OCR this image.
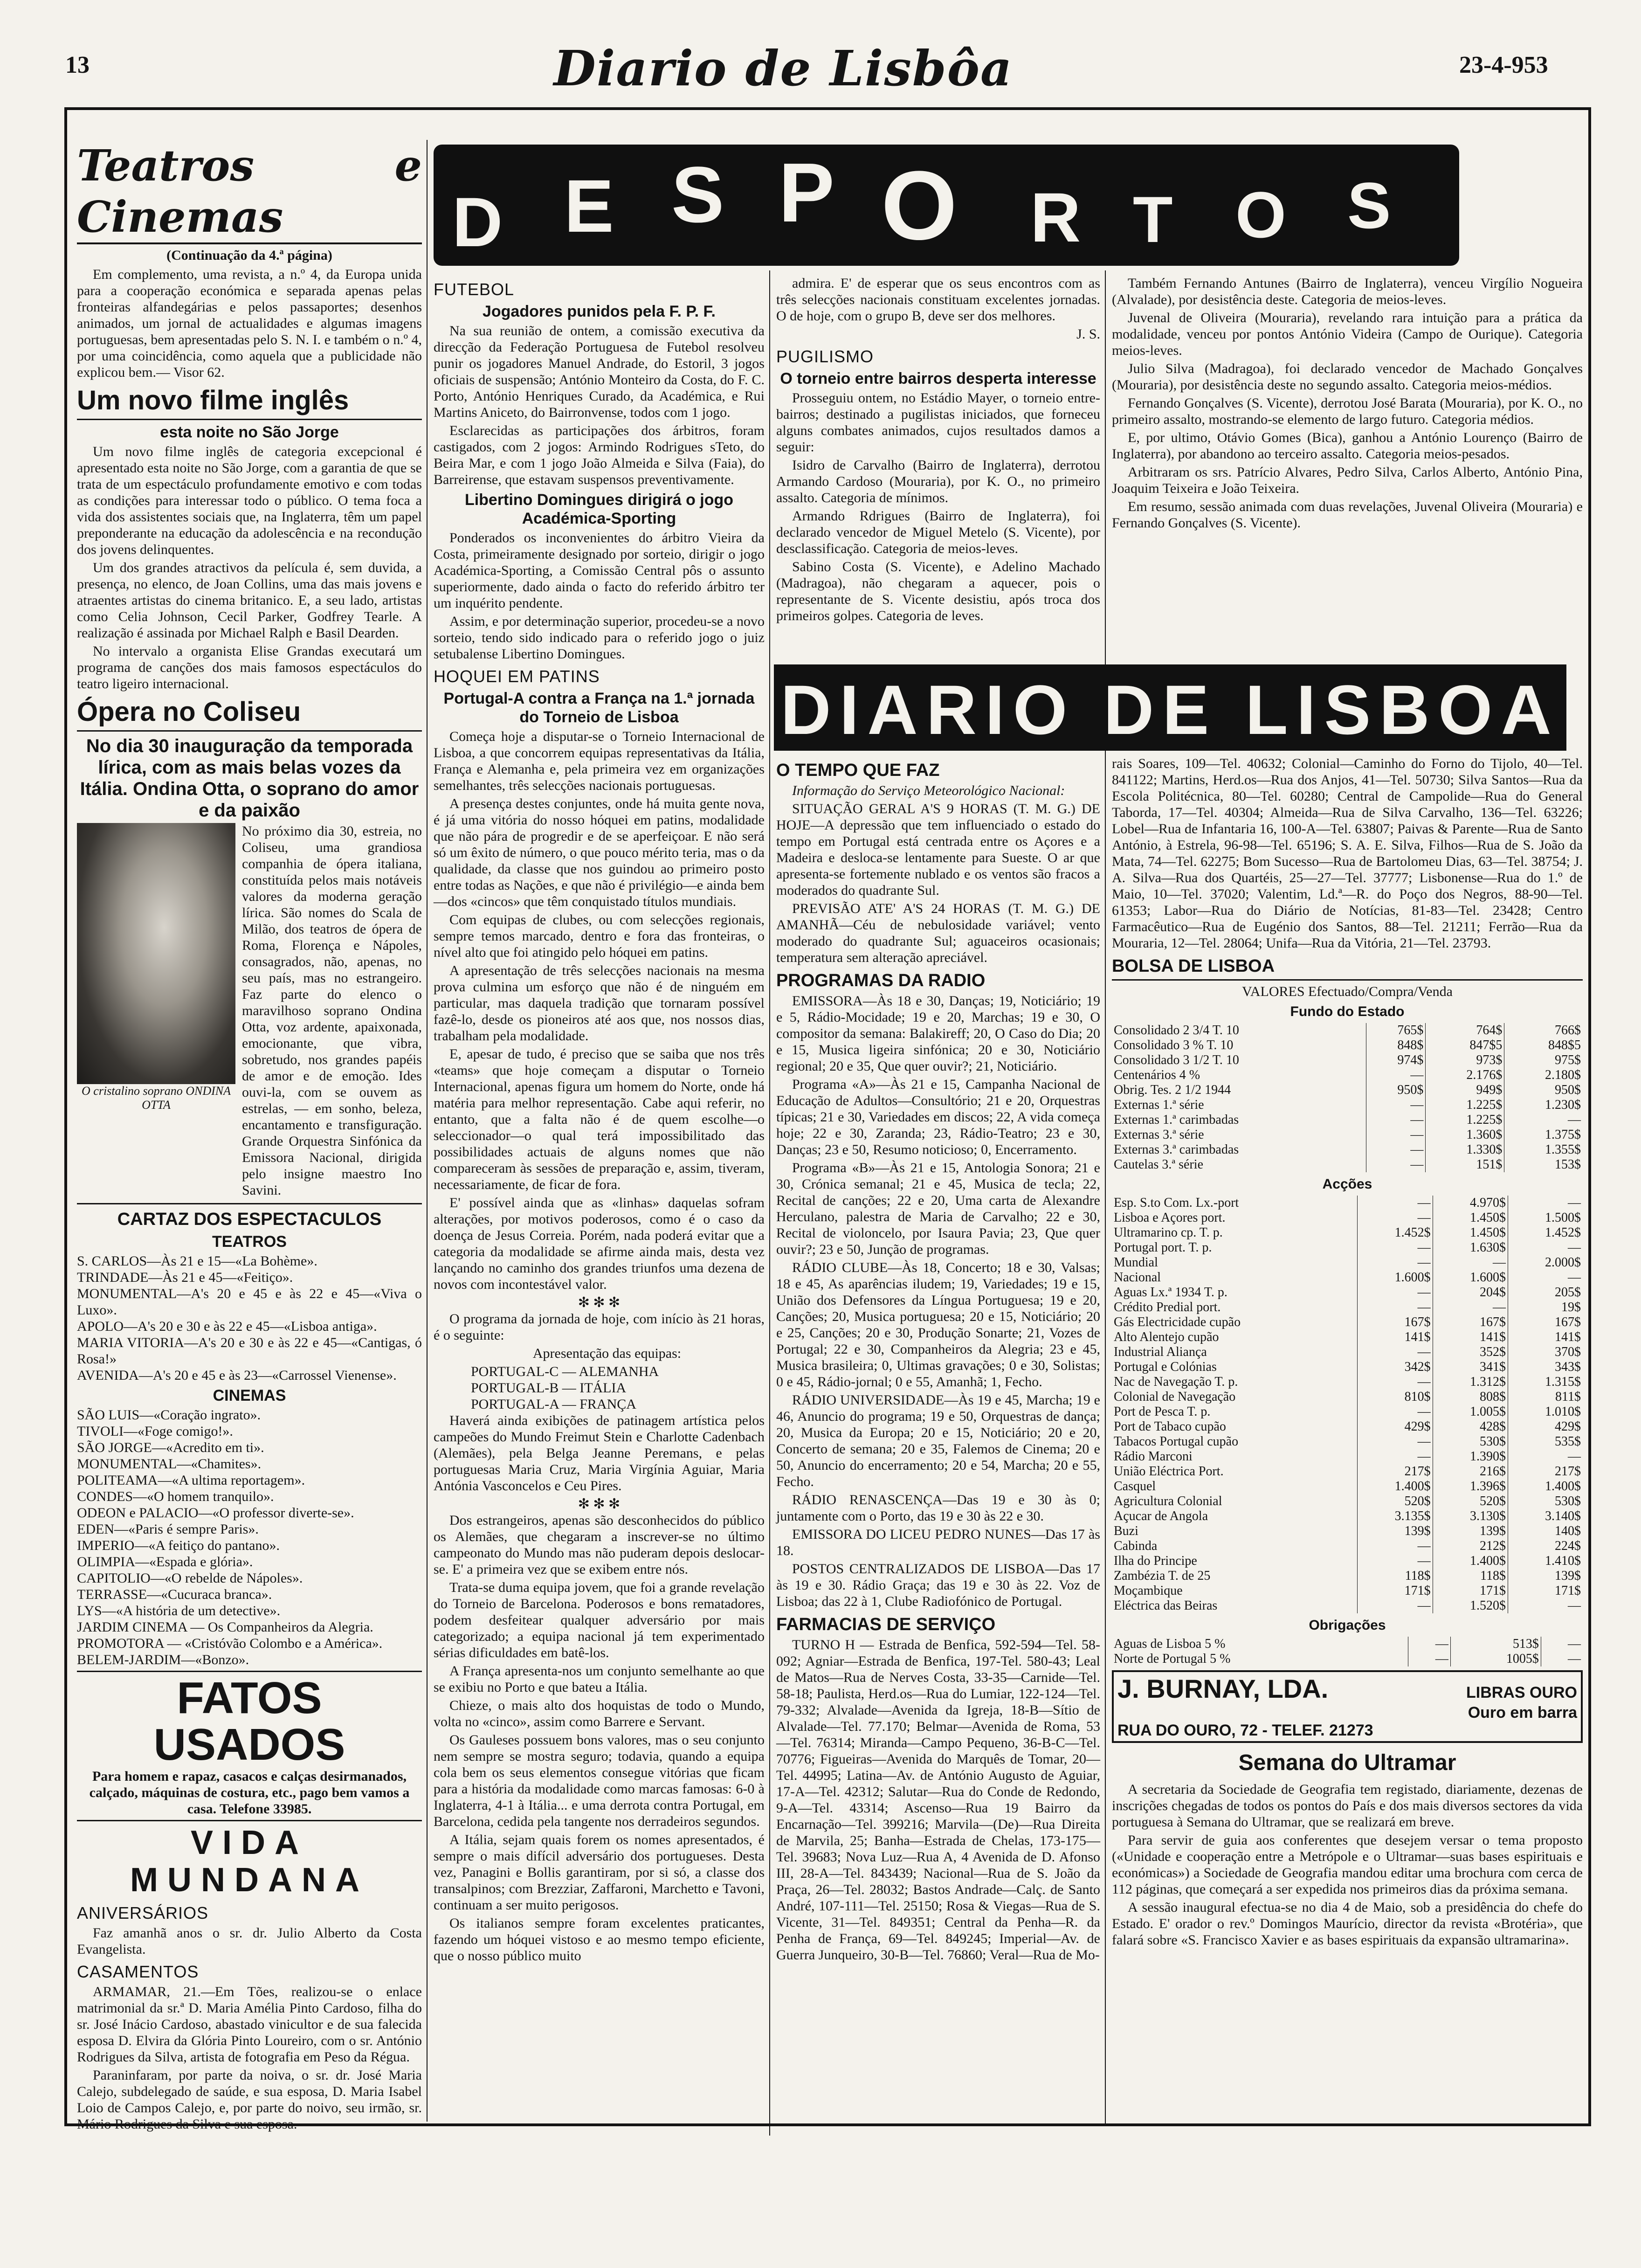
13	Diario de Lisbôa	23-4-953
Teatros e Cinemas
(Continuação da 4.ª página)

Em complemento, uma revista, a n.º 4, da Europa unida para a cooperação económica e separada apenas pelas fronteiras alfandegárias e pelos passaportes; desenhos animados, um jornal de actualidades e algumas imagens portuguesas, bem apresentadas pelo S. N. I. e também o n.º 4, por uma coincidência, como aquela que a publicidade não explicou bem.— Visor 62.

Um novo filme inglês
esta noite no São Jorge

Um novo filme inglês de categoria excepcional é apresentado esta noite no São Jorge, com a garantia de que se trata de um espectáculo profundamente emotivo e com todas as condições para interessar todo o público. O tema foca a vida dos assistentes sociais que, na Inglaterra, têm um papel preponderante na educação da adolescência e na recondução dos jovens delinquentes.

Um dos grandes atractivos da película é, sem duvida, a presença, no elenco, de Joan Collins, uma das mais jovens e atraentes artistas do cinema britanico. E, a seu lado, artistas como Celia Johnson, Cecil Parker, Godfrey Tearle. A realização é assinada por Michael Ralph e Basil Dearden.

No intervalo a organista Elise Grandas executará um programa de canções dos mais famosos espectáculos do teatro ligeiro internacional.

Ópera no Coliseu
No dia 30 inauguração da temporada lírica, com as mais belas vozes da Itália. Ondina Otta, o soprano do amor e da paixão
O cristalino soprano ONDINA OTTA

No próximo dia 30, estreia, no Coliseu, uma grandiosa companhia de ópera italiana, constituída pelos mais notáveis valores da moderna geração lírica. São nomes do Scala de Milão, dos teatros de ópera de Roma, Florença e Nápoles, consagrados, não, apenas, no seu país, mas no estrangeiro. Faz parte do elenco o maravilhoso soprano Ondina Otta, voz ardente, apaixonada, emocionante, que vibra, sobretudo, nos grandes papéis de amor e de emoção. Ides ouvi-la, com se ouvem as estrelas, — em sonho, beleza, encantamento e transfiguração. Grande Orquestra Sinfónica da Emissora Nacional, dirigida pelo insigne maestro Ino Savini.

CARTAZ DOS ESPECTACULOS
TEATROS

S. CARLOS—Às 21 e 15—«La Bohème».

TRINDADE—Às 21 e 45—«Feitiço».

MONUMENTAL—A's 20 e 45 e às 22 e 45—«Viva o Luxo».

APOLO—A's 20 e 30 e às 22 e 45—«Lisboa antiga».

MARIA VITORIA—A's 20 e 30 e às 22 e 45—«Cantigas, ó Rosa!»

AVENIDA—A's 20 e 45 e às 23—«Carrossel Vienense».

CINEMAS

SÃO LUIS—«Coração ingrato».

TIVOLI—«Foge comigo!».

SÃO JORGE—«Acredito em ti».

MONUMENTAL—«Chamites».

POLITEAMA—«A ultima reportagem».

CONDES—«O homem tranquilo».

ODEON e PALACIO—«O professor diverte-se».

EDEN—«Paris é sempre Paris».

IMPERIO—«A feitiço do pantano».

OLIMPIA—«Espada e glória».

CAPITOLIO—«O rebelde de Nápoles».

TERRASSE—«Cucuraca branca».

LYS—«A história de um detective».

JARDIM CINEMA — Os Companheiros da Alegria.

PROMOTORA — «Cristóvão Colombo e a América».

BELEM-JARDIM—«Bonzo».

FATOS USADOS
Para homem e rapaz, casacos e calças desirmanados, calçado, máquinas de costura, etc., pago bem vamos a casa. Telefone 33985.
VIDA MUNDANA
ANIVERSÁRIOS

Faz amanhã anos o sr. dr. Julio Alberto da Costa Evangelista.

CASAMENTOS

ARMAMAR, 21.—Em Tões, realizou-se o enlace matrimonial da sr.ª D. Maria Amélia Pinto Cardoso, filha do sr. José Inácio Cardoso, abastado vinicultor e de sua falecida esposa D. Elvira da Glória Pinto Loureiro, com o sr. António Rodrigues da Silva, artista de fotografia em Peso da Régua.

Paraninfaram, por parte da noiva, o sr. dr. José Maria Calejo, subdelegado de saúde, e sua esposa, D. Maria Isabel Loio de Campos Calejo, e, por parte do noivo, seu irmão, sr. Mário Rodrigues da Silva e sua esposa.

D E S P O R T O S
FUTEBOL
Jogadores punidos pela F. P. F.

Na sua reunião de ontem, a comissão executiva da direcção da Federação Portuguesa de Futebol resolveu punir os jogadores Manuel Andrade, do Estoril, 3 jogos oficiais de suspensão; António Monteiro da Costa, do F. C. Porto, António Henriques Curado, da Académica, e Rui Martins Aniceto, do Bairronvense, todos com 1 jogo.

Esclarecidas as participações dos árbitros, foram castigados, com 2 jogos: Armindo Rodrigues sTeto, do Beira Mar, e com 1 jogo João Almeida e Silva (Faia), do Barreirense, que estavam suspensos preventivamente.

Libertino Domingues dirigirá o jogo Académica-Sporting

Ponderados os inconvenientes do árbitro Vieira da Costa, primeiramente designado por sorteio, dirigir o jogo Académica-Sporting, a Comissão Central pôs o assunto superiormente, dado ainda o facto do referido árbitro ter um inquérito pendente.

Assim, e por determinação superior, procedeu-se a novo sorteio, tendo sido indicado para o referido jogo o juiz setubalense Libertino Domingues.

HOQUEI EM PATINS
Portugal-A contra a França na 1.ª jornada do Torneio de Lisboa

Começa hoje a disputar-se o Torneio Internacional de Lisboa, a que concorrem equipas representativas da Itália, França e Alemanha e, pela primeira vez em organizações semelhantes, três selecções nacionais portuguesas.

A presença destes conjuntes, onde há muita gente nova, é já uma vitória do nosso hóquei em patins, modalidade que não pára de progredir e de se aperfeiçoar. E não será só um êxito de número, o que pouco mérito teria, mas o da qualidade, da classe que nos guindou ao primeiro posto entre todas as Nações, e que não é privilégio—e ainda bem—dos «cincos» que têm conquistado títulos mundiais.

Com equipas de clubes, ou com selecções regionais, sempre temos marcado, dentro e fora das fronteiras, o nível alto que foi atingido pelo hóquei em patins.

A apresentação de três selecções nacionais na mesma prova culmina um esforço que não é de ninguém em particular, mas daquela tradição que tornaram possível fazê-lo, desde os pioneiros até aos que, nos nossos dias, trabalham pela modalidade.

E, apesar de tudo, é preciso que se saiba que nos três «teams» que hoje começam a disputar o Torneio Internacional, apenas figura um homem do Norte, onde há matéria para melhor representação. Cabe aqui referir, no entanto, que a falta não é de quem escolhe—o seleccionador—o qual terá impossibilitado das possibilidades actuais de alguns nomes que não compareceram às sessões de preparação e, assim, tiveram, necessariamente, de ficar de fora.

E' possível ainda que as «linhas» daquelas sofram alterações, por motivos poderosos, como é o caso da doença de Jesus Correia. Porém, nada poderá evitar que a categoria da modalidade se afirme ainda mais, desta vez lançando no caminho dos grandes triunfos uma dezena de novos com incontestável valor.

✻ ✻ ✻

O programa da jornada de hoje, com início às 21 horas, é o seguinte:

Apresentação das equipas:

PORTUGAL-C — ALEMANHA

PORTUGAL-B — ITÁLIA

PORTUGAL-A — FRANÇA

Haverá ainda exibições de patinagem artística pelos campeões do Mundo Freimut Stein e Charlotte Cadenbach (Alemães), pela Belga Jeanne Peremans, e pelas portuguesas Maria Cruz, Maria Virgínia Aguiar, Maria Antónia Vasconcelos e Ceu Pires.

✻ ✻ ✻

Dos estrangeiros, apenas são desconhecidos do público os Alemães, que chegaram a inscrever-se no último campeonato do Mundo mas não puderam depois deslocar-se. E' a primeira vez que se exibem entre nós.

Trata-se duma equipa jovem, que foi a grande revelação do Torneio de Barcelona. Poderosos e bons rematadores, podem desfeitear qualquer adversário por mais categorizado; a equipa nacional já tem experimentado sérias dificuldades em batê-los.

A França apresenta-nos um conjunto semelhante ao que se exibiu no Porto e que bateu a Itália.

Chieze, o mais alto dos hoquistas de todo o Mundo, volta no «cinco», assim como Barrere e Servant.

Os Gauleses possuem bons valores, mas o seu conjunto nem sempre se mostra seguro; todavia, quando a equipa cola bem os seus elementos consegue vitórias que ficam para a história da modalidade como marcas famosas: 6-0 à Inglaterra, 4-1 à Itália... e uma derrota contra Portugal, em Barcelona, cedida pela tangente nos derradeiros segundos.

A Itália, sejam quais forem os nomes apresentados, é sempre o mais difícil adversário dos portugueses. Desta vez, Panagini e Bollis garantiram, por si só, a classe dos transalpinos; com Brezziar, Zaffaroni, Marchetto e Tavoni, continuam a ser muito perigosos.

Os italianos sempre foram excelentes praticantes, fazendo um hóquei vistoso e ao mesmo tempo eficiente, que o nosso público muito

admira. E' de esperar que os seus encontros com as três selecções nacionais constituam excelentes jornadas. O de hoje, com o grupo B, deve ser dos melhores.

J. S.
PUGILISMO
O torneio entre bairros desperta interesse

Prosseguiu ontem, no Estádio Mayer, o torneio entre-bairros; destinado a pugilistas iniciados, que forneceu alguns combates animados, cujos resultados damos a seguir:

Isidro de Carvalho (Bairro de Inglaterra), derrotou Armando Cardoso (Mouraria), por K. O., no primeiro assalto. Categoria de mínimos.

Armando Rdrigues (Bairro de Inglaterra), foi declarado vencedor de Miguel Metelo (S. Vicente), por desclassificação. Categoria de meios-leves.

Sabino Costa (S. Vicente), e Adelino Machado (Madragoa), não chegaram a aquecer, pois o representante de S. Vicente desistiu, após troca dos primeiros golpes. Categoria de leves.

Também Fernando Antunes (Bairro de Inglaterra), venceu Virgílio Nogueira (Alvalade), por desistência deste. Categoria de meios-leves.

Juvenal de Oliveira (Mouraria), revelando rara intuição para a prática da modalidade, venceu por pontos António Videira (Campo de Ourique). Categoria meios-leves.

Julio Silva (Madragoa), foi declarado vencedor de Machado Gonçalves (Mouraria), por desistência deste no segundo assalto. Categoria meios-médios.

Fernando Gonçalves (S. Vicente), derrotou José Barata (Mouraria), por K. O., no primeiro assalto, mostrando-se elemento de largo futuro. Categoria médios.

E, por ultimo, Otávio Gomes (Bica), ganhou a António Lourenço (Bairro de Inglaterra), por abandono ao terceiro assalto. Categoria meios-pesados.

Arbitraram os srs. Patrício Alvares, Pedro Silva, Carlos Alberto, António Pina, Joaquim Teixeira e João Teixeira.

Em resumo, sessão animada com duas revelações, Juvenal Oliveira (Mouraria) e Fernando Gonçalves (S. Vicente).

DIARIO DE LISBOA
O TEMPO QUE FAZ

Informação do Serviço Meteorológico Nacional:

SITUAÇÃO GERAL A'S 9 HORAS (T. M. G.) DE HOJE—A depressão que tem influenciado o estado do tempo em Portugal está centrada entre os Açores e a Madeira e desloca-se lentamente para Sueste. O ar que apresenta-se fortemente nublado e os ventos são fracos a moderados do quadrante Sul.

PREVISÃO ATE' A'S 24 HORAS (T. M. G.) DE AMANHÃ—Céu de nebulosidade variável; vento moderado do quadrante Sul; aguaceiros ocasionais; temperatura sem alteração apreciável.

PROGRAMAS DA RADIO

EMISSORA—Às 18 e 30, Danças; 19, Noticiário; 19 e 5, Rádio-Mocidade; 19 e 20, Marchas; 19 e 30, O compositor da semana: Balakireff; 20, O Caso do Dia; 20 e 15, Musica ligeira sinfónica; 20 e 30, Noticiário regional; 20 e 35, Que quer ouvir?; 21, Noticiário.

Programa «A»—Às 21 e 15, Campanha Nacional de Educação de Adultos—Consultório; 21 e 20, Orquestras típicas; 21 e 30, Variedades em discos; 22, A vida começa hoje; 22 e 30, Zaranda; 23, Rádio-Teatro; 23 e 30, Danças; 23 e 50, Resumo noticioso; 0, Encerramento.

Programa «B»—Às 21 e 15, Antologia Sonora; 21 e 30, Crónica semanal; 21 e 45, Musica de tecla; 22, Recital de canções; 22 e 20, Uma carta de Alexandre Herculano, palestra de Maria de Carvalho; 22 e 30, Recital de violoncelo, por Isaura Pavia; 23, Que quer ouvir?; 23 e 50, Junção de programas.

RÁDIO CLUBE—Às 18, Concerto; 18 e 30, Valsas; 18 e 45, As aparências iludem; 19, Variedades; 19 e 15, União dos Defensores da Língua Portuguesa; 19 e 20, Canções; 20, Musica portuguesa; 20 e 15, Noticiário; 20 e 25, Canções; 20 e 30, Produção Sonarte; 21, Vozes de Portugal; 22 e 30, Companheiros da Alegria; 23 e 45, Musica brasileira; 0, Ultimas gravações; 0 e 30, Solistas; 0 e 45, Rádio-jornal; 0 e 55, Amanhã; 1, Fecho.

RÁDIO UNIVERSIDADE—Às 19 e 45, Marcha; 19 e 46, Anuncio do programa; 19 e 50, Orquestras de dança; 20, Musica da Europa; 20 e 15, Noticiário; 20 e 20, Concerto de semana; 20 e 35, Falemos de Cinema; 20 e 50, Anuncio do encerramento; 20 e 54, Marcha; 20 e 55, Fecho.

RÁDIO RENASCENÇA—Das 19 e 30 às 0; juntamente com o Porto, das 19 e 30 às 22 e 30.

EMISSORA DO LICEU PEDRO NUNES—Das 17 às 18.

POSTOS CENTRALIZADOS DE LISBOA—Das 17 às 19 e 30. Rádio Graça; das 19 e 30 às 22. Voz de Lisboa; das 22 à 1, Clube Radiofónico de Portugal.

FARMACIAS DE SERVIÇO

TURNO H — Estrada de Benfica, 592-594—Tel. 58-092; Agniar—Estrada de Benfica, 197-Tel. 580-43; Leal de Matos—Rua de Nerves Costa, 33-35—Carnide—Tel. 58-18; Paulista, Herd.os—Rua do Lumiar, 122-124—Tel. 79-332; Alvalade—Avenida da Igreja, 18-B—Sítio de Alvalade—Tel. 77.170; Belmar—Avenida de Roma, 53—Tel. 76314; Miranda—Campo Pequeno, 36-B-C—Tel. 70776; Figueiras—Avenida do Marquês de Tomar, 20—Tel. 44995; Latina—Av. de António Augusto de Aguiar, 17-A—Tel. 42312; Salutar—Rua do Conde de Redondo, 9-A—Tel. 43314; Ascenso—Rua 19 Bairro da Encarnação—Tel. 399216; Marvila—(De)—Rua Direita de Marvila, 25; Banha—Estrada de Chelas, 173-175—Tel. 39683; Nova Luz—Rua A, 4 Avenida de D. Afonso III, 28-A—Tel. 843439; Nacional—Rua de S. João da Praça, 26—Tel. 28032; Bastos Andrade—Calç. de Santo André, 107-111—Tel. 25150; Rosa & Viegas—Rua de S. Vicente, 31—Tel. 849351; Central da Penha—R. da Penha de França, 69—Tel. 849245; Imperial—Av. de Guerra Junqueiro, 30-B—Tel. 76860; Veral—Rua de Mo-

rais Soares, 109—Tel. 40632; Colonial—Caminho do Forno do Tijolo, 40—Tel. 841122; Martins, Herd.os—Rua dos Anjos, 41—Tel. 50730; Silva Santos—Rua da Escola Politécnica, 80—Tel. 60280; Central de Campolide—Rua do General Taborda, 17—Tel. 40304; Almeida—Rua de Silva Carvalho, 136—Tel. 63226; Lobel—Rua de Infantaria 16, 100-A—Tel. 63807; Paivas & Parente—Rua de Santo António, à Estrela, 96-98—Tel. 65196; S. A. E. Silva, Filhos—Rua de S. João da Mata, 74—Tel. 62275; Bom Sucesso—Rua de Bartolomeu Dias, 63—Tel. 38754; J. A. Silva—Rua dos Quartéis, 25—27—Tel. 37777; Lisbonense—Rua do 1.º de Maio, 10—Tel. 37020; Valentim, Ld.ª—R. do Poço dos Negros, 88-90—Tel. 61353; Labor—Rua do Diário de Notícias, 81-83—Tel. 23428; Centro Farmacêutico—Rua de Eugénio dos Santos, 88—Tel. 21211; Ferrão—Rua da Mouraria, 12—Tel. 28064; Unifa—Rua da Vitória, 21—Tel. 23793.

BOLSA DE LISBOA
VALORES Efectuado/Compra/Venda
Fundo do Estado
Consolidado 2 3/4 T. 10	765$	764$	766$
Consolidado 3 % T. 10	848$	847$5	848$5
Consolidado 3 1/2 T. 10	974$	973$	975$
Centenários 4 %	—	2.176$	2.180$
Obrig. Tes. 2 1/2 1944	950$	949$	950$
Externas 1.ª série	—	1.225$	1.230$
Externas 1.ª carimbadas	—	1.225$	—
Externas 3.ª série	—	1.360$	1.375$
Externas 3.ª carimbadas	—	1.330$	1.355$
Cautelas 3.ª série	—	151$	153$
Acções
Esp. S.to Com. Lx.-port	—	4.970$	—
Lisboa e Açores port.	—	1.450$	1.500$
Ultramarino cp. T. p.	1.452$	1.450$	1.452$
Portugal port. T. p.	—	1.630$	—
Mundial	—	—	2.000$
Nacional	1.600$	1.600$	—
Aguas Lx.ª 1934 T. p.	—	204$	205$
Crédito Predial port.	—	—	19$
Gás Electricidade cupão	167$	167$	167$
Alto Alentejo cupão	141$	141$	141$
Industrial Aliança	—	352$	370$
Portugal e Colónias	342$	341$	343$
Nac de Navegação T. p.	—	1.312$	1.315$
Colonial de Navegação	810$	808$	811$
Port de Pesca T. p.	—	1.005$	1.010$
Port de Tabaco cupão	429$	428$	429$
Tabacos Portugal cupão	—	530$	535$
Rádio Marconi	—	1.390$	—
União Eléctrica Port.	217$	216$	217$
Casquel	1.400$	1.396$	1.400$
Agricultura Colonial	520$	520$	530$
Açucar de Angola	3.135$	3.130$	3.140$
Buzi	139$	139$	140$
Cabinda	—	212$	224$
Ilha do Principe	—	1.400$	1.410$
Zambézia T. de 25	118$	118$	139$
Moçambique	171$	171$	171$
Eléctrica das Beiras	—	1.520$	—
Obrigações
Aguas de Lisboa 5 %	—	513$	—
Norte de Portugal 5 %	—	1005$	—
J. BURNAY, LDA.	LIBRAS OURO
Ouro em barra
RUA DO OURO, 72 - TELEF. 21273
Semana do Ultramar

A secretaria da Sociedade de Geografia tem registado, diariamente, dezenas de inscrições chegadas de todos os pontos do País e dos mais diversos sectores da vida portuguesa à Semana do Ultramar, que se realizará em breve.

Para servir de guia aos conferentes que desejem versar o tema proposto («Unidade e cooperação entre a Metrópole e o Ultramar—suas bases espirituais e económicas») a Sociedade de Geografia mandou editar uma brochura com cerca de 112 páginas, que começará a ser expedida nos primeiros dias da próxima semana.

A sessão inaugural efectua-se no dia 4 de Maio, sob a presidência do chefe do Estado. E' orador o rev.º Domingos Maurício, director da revista «Brotéria», que falará sobre «S. Francisco Xavier e as bases espirituais da expansão ultramarina».
